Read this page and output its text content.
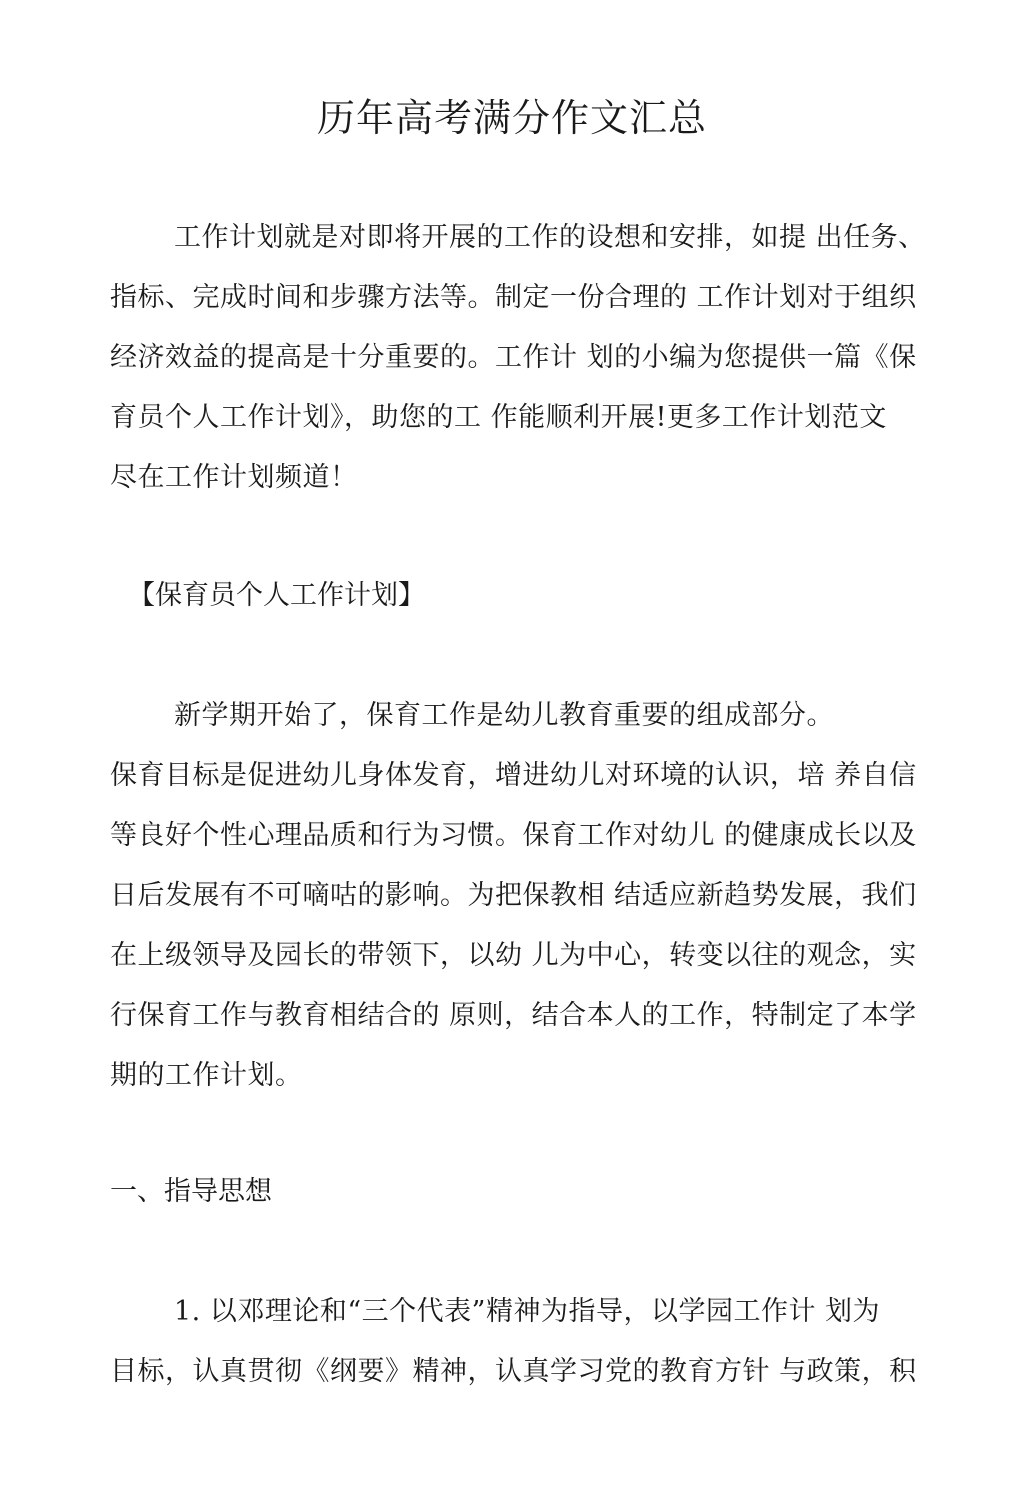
历年高考满分作文汇总

工作计划就是对即将开展的工作的设想和安排，如提 出任务、
指标、完成时间和步骤方法等。制定一份合理的 工作计划对于组织
经济效益的提高是十分重要的。工作计 划的小编为您提供一篇《保
育员个人工作计划》，助您的工 作能顺利开展!更多工作计划范文
尽在工作计划频道！

【保育员个人工作计划】

新学期开始了，保育工作是幼儿教育重要的组成部分。
保育目标是促进幼儿身体发育，增进幼儿对环境的认识，培 养自信
等良好个性心理品质和行为习惯。保育工作对幼儿 的健康成长以及
日后发展有不可嘀咕的影响。为把保教相 结适应新趋势发展，我们
在上级领导及园长的带领下，以幼 儿为中心，转变以往的观念，实
行保育工作与教育相结合的 原则，结合本人的工作，特制定了本学
期的工作计划。

一、指导思想

1. 以邓理论和“三个代表”精神为指导，以学园工作计 划为
目标，认真贯彻《纲要》精神，认真学习党的教育方针 与政策，积
